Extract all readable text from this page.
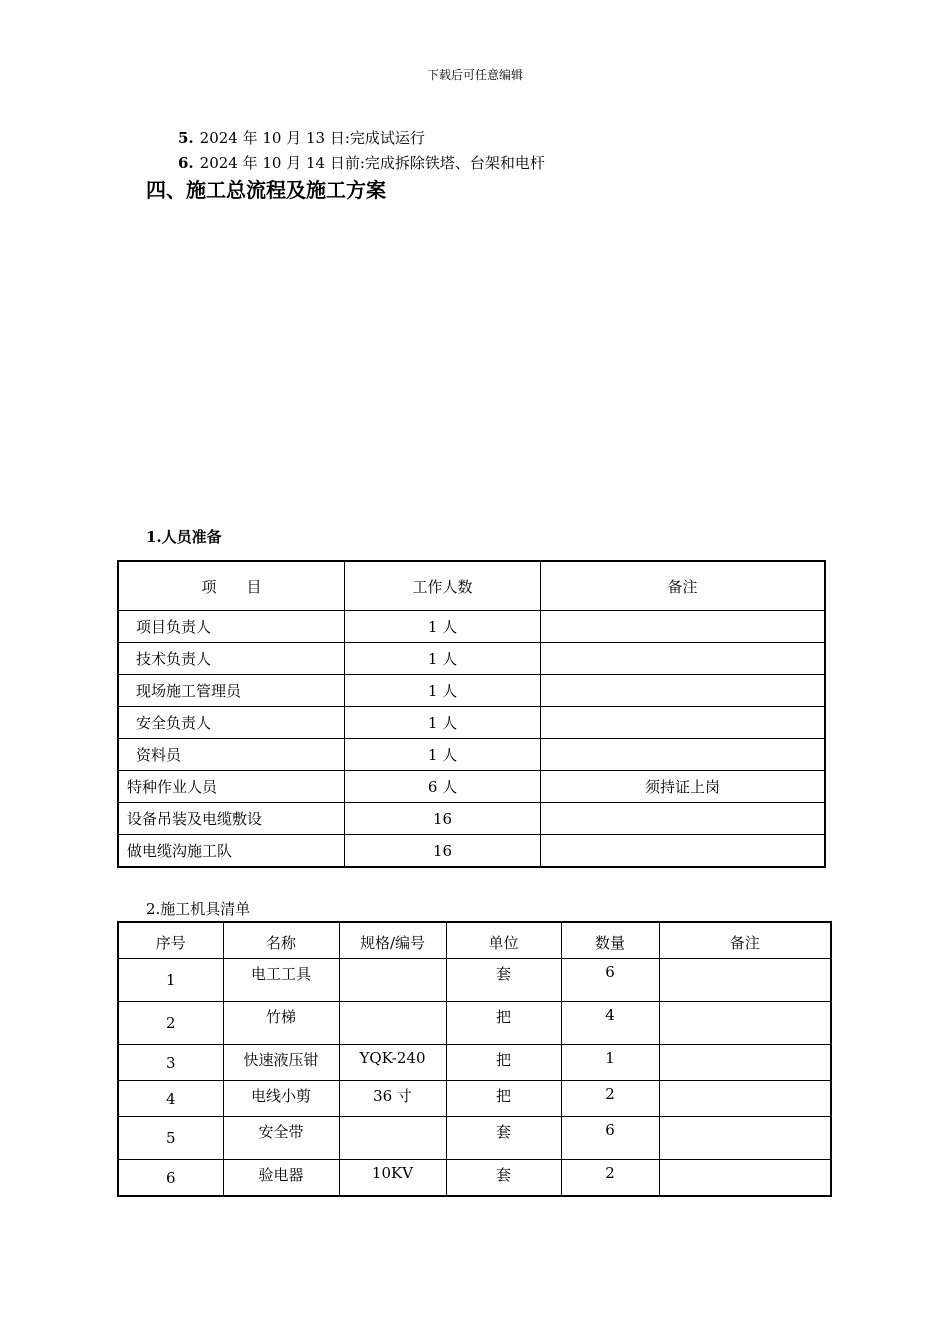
下载后可任意编辑
5. 2024 年 10 月 13 日:完成试运行
6. 2024 年 10 月 14 日前:完成拆除铁塔、台架和电杆
四、施工总流程及施工方案
1.人员准备
项　　目	工作人数	备注
项目负责人	1 人	
技术负责人	1 人	
现场施工管理员	1 人	
安全负责人	1 人	
资料员	1 人	
特种作业人员	6 人	须持证上岗
设备吊装及电缆敷设	16	
做电缆沟施工队	16	
2.施工机具清单
序号	名称	规格/编号	单位	数量	备注
1	电工工具		套	6	
2	竹梯		把	4	
3	快速液压钳	YQK-240	把	1	
4	电线小剪	36 寸	把	2	
5	安全带		套	6	
6	验电器	10KV	套	2	
